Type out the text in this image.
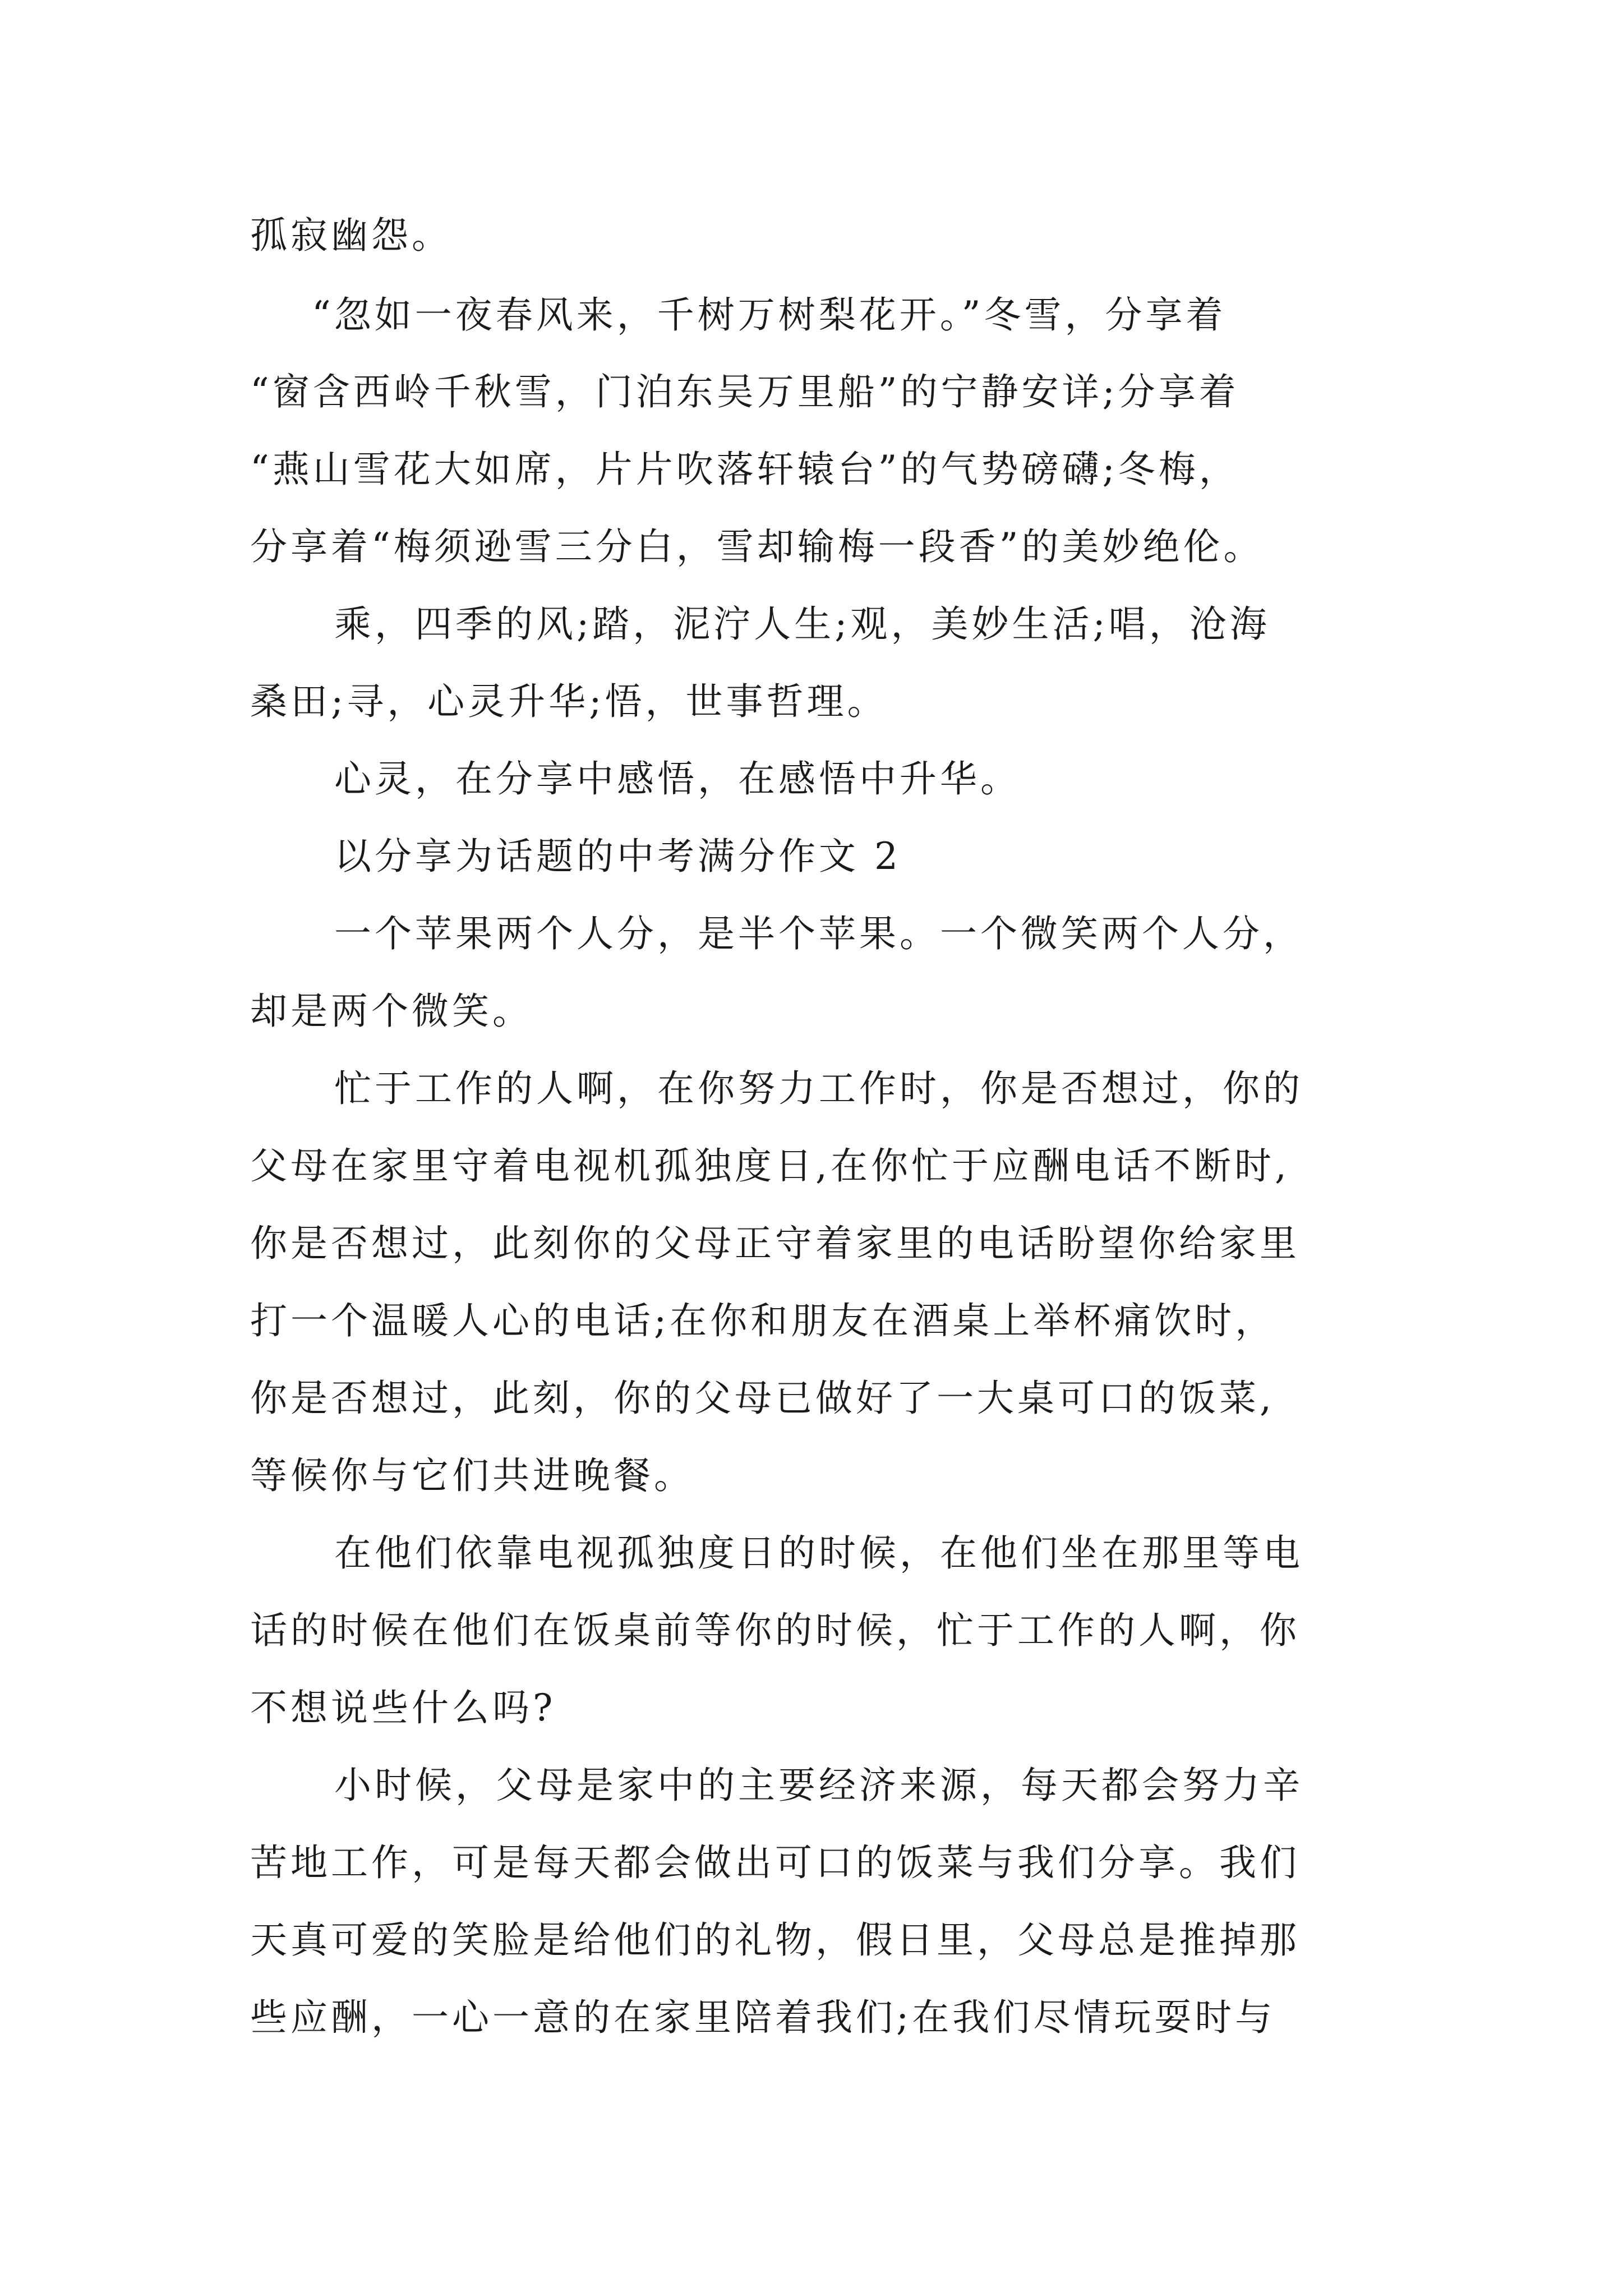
孤寂幽怨。
“忽如一夜春风来，千树万树梨花开。”冬雪，分享着
“窗含西岭千秋雪，门泊东吴万里船”的宁静安详;分享着
“燕山雪花大如席，片片吹落轩辕台”的气势磅礴;冬梅，
分享着“梅须逊雪三分白，雪却输梅一段香”的美妙绝伦。
乘，四季的风;踏，泥泞人生;观，美妙生活;唱，沧海
桑田;寻，心灵升华;悟，世事哲理。
心灵，在分享中感悟，在感悟中升华。
以分享为话题的中考满分作文 2
一个苹果两个人分，是半个苹果。一个微笑两个人分，
却是两个微笑。
忙于工作的人啊，在你努力工作时，你是否想过，你的
父母在家里守着电视机孤独度日,在你忙于应酬电话不断时,
你是否想过，此刻你的父母正守着家里的电话盼望你给家里
打一个温暖人心的电话;在你和朋友在酒桌上举杯痛饮时，
你是否想过，此刻，你的父母已做好了一大桌可口的饭菜,
等候你与它们共进晚餐。
在他们依靠电视孤独度日的时候，在他们坐在那里等电
话的时候在他们在饭桌前等你的时候，忙于工作的人啊，你
不想说些什么吗?
小时候，父母是家中的主要经济来源，每天都会努力辛
苦地工作，可是每天都会做出可口的饭菜与我们分享。我们
天真可爱的笑脸是给他们的礼物，假日里，父母总是推掉那
些应酬，一心一意的在家里陪着我们;在我们尽情玩耍时与
